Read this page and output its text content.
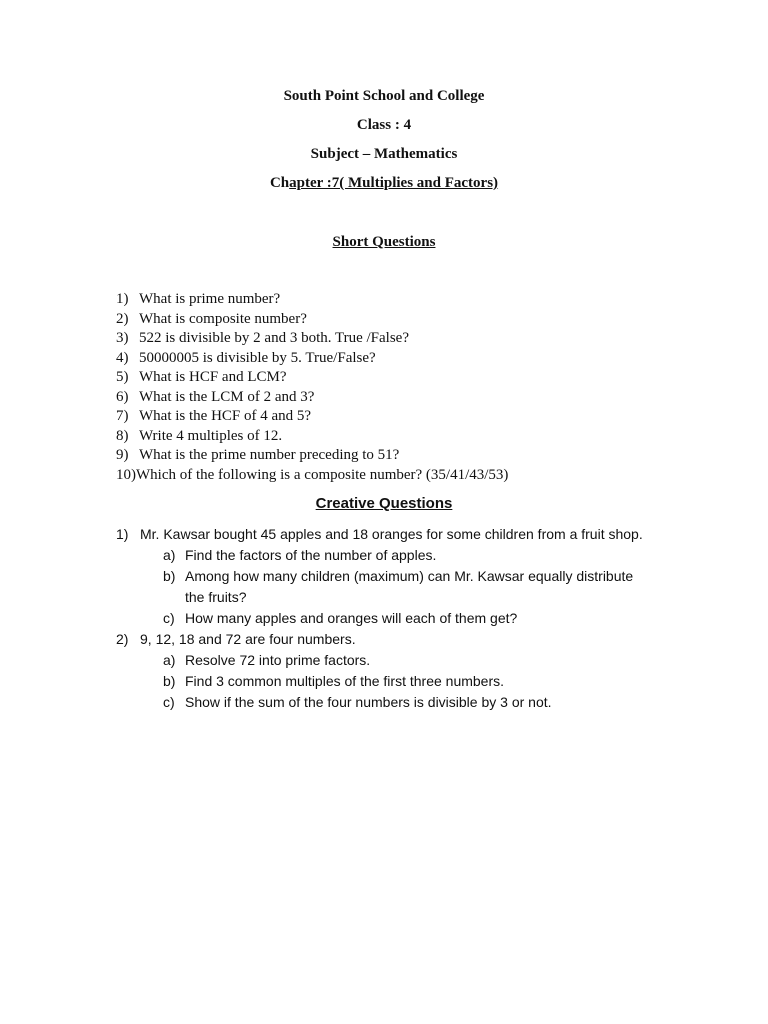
South Point School and College
Class : 4
Subject – Mathematics
Chapter :7( Multiplies and Factors)
Short Questions
1) What is prime number?
2) What is composite number?
3) 522 is divisible by 2 and 3 both. True /False?
4) 50000005 is divisible by 5. True/False?
5) What is HCF and LCM?
6) What is the LCM of 2 and 3?
7) What is the HCF of 4 and 5?
8) Write 4 multiples of 12.
9) What is the prime number preceding to 51?
10)Which of the following is a composite number? (35/41/43/53)
Creative Questions
1) Mr. Kawsar bought 45 apples and 18 oranges for some children from a fruit shop.
a) Find the factors of the number of apples.
b) Among how many children (maximum) can Mr. Kawsar equally distribute
the fruits?
c) How many apples and oranges will each of them get?
2) 9, 12, 18 and 72 are four numbers.
a) Resolve 72 into prime factors.
b) Find 3 common multiples of the first three numbers.
c) Show if the sum of the four numbers is divisible by 3 or not.
